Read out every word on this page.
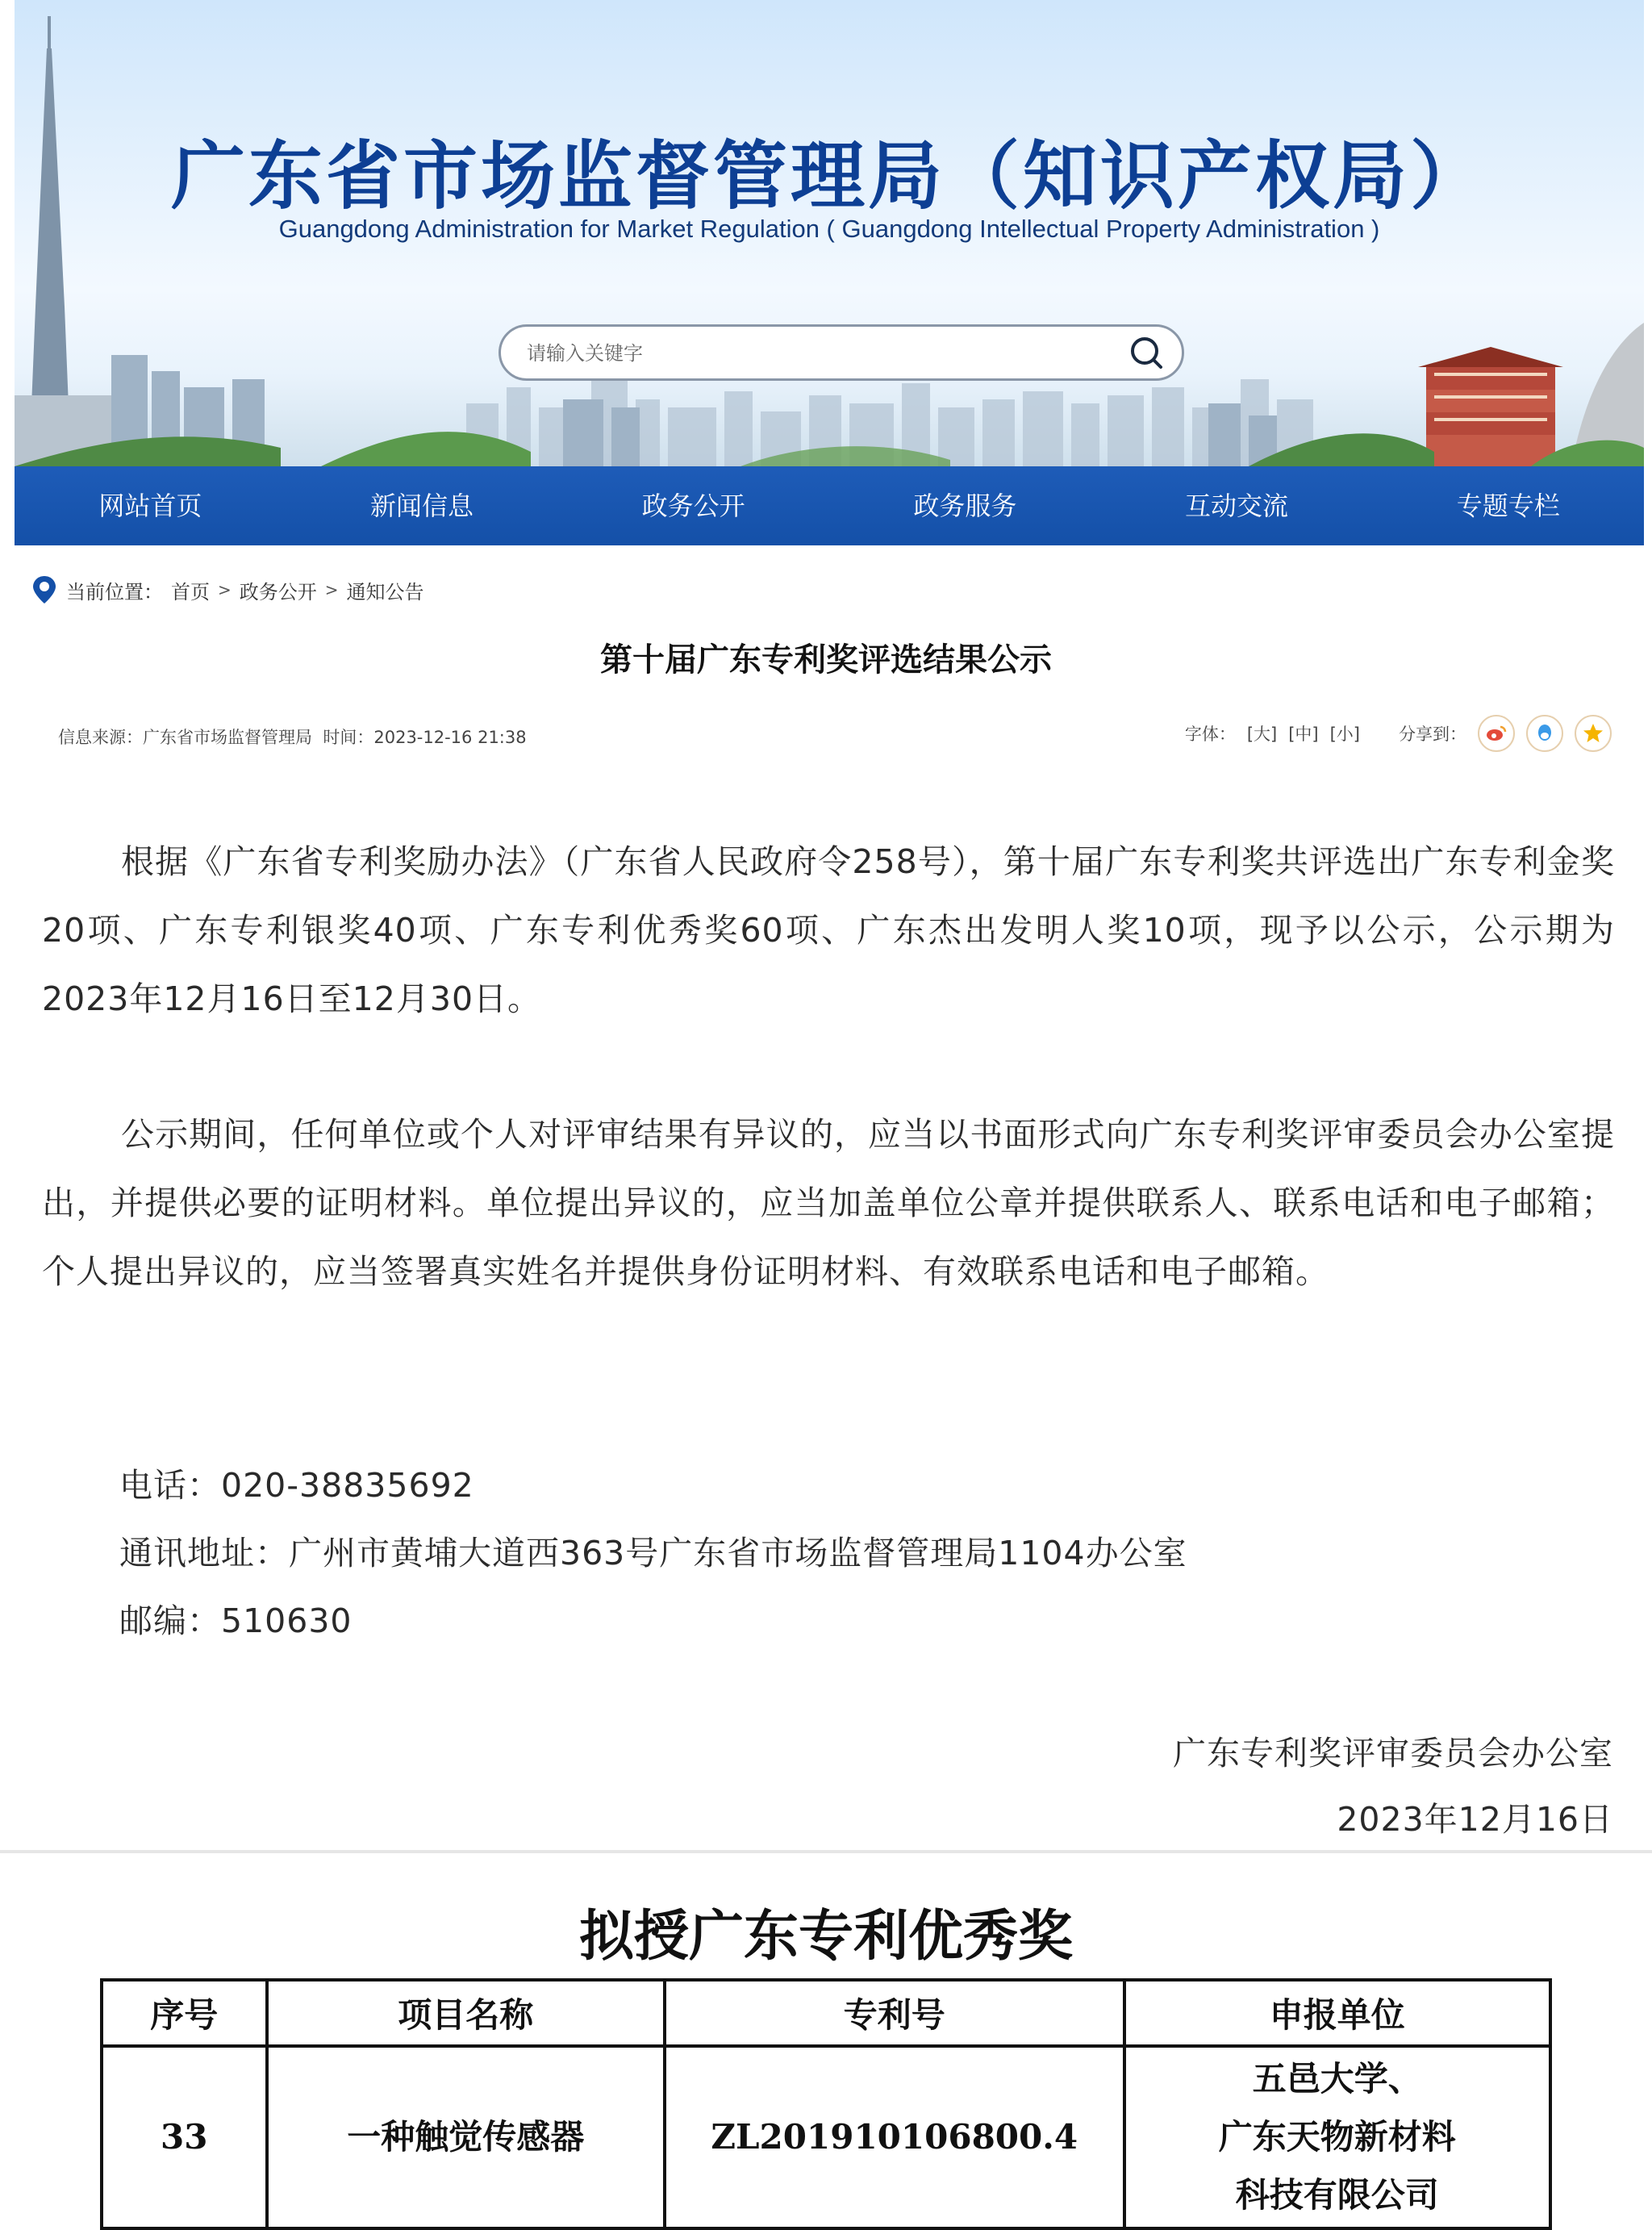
广东省市场监督管理局（知识产权局）
Guangdong Administration for Market Regulation ( Guangdong Intellectual Property Administration )
请输入关键字
网站首页	新闻信息	政务公开	政务服务	互动交流	专题专栏
当前位置： 首页 > 政务公开 > 通知公告
第十届广东专利奖评选结果公示
信息来源：广东省市场监督管理局 时间：2023-12-16 21:38	字体： [大] [中] [小] 分享到：
根据《广东省专利奖励办法》（广东省人民政府令258号），第十届广东专利奖共评选出广东专利金奖20项、广东专利银奖40项、广东专利优秀奖60项、广东杰出发明人奖10项，现予以公示，公示期为2023年12月16日至12月30日。
公示期间，任何单位或个人对评审结果有异议的，应当以书面形式向广东专利奖评审委员会办公室提出，并提供必要的证明材料。单位提出异议的，应当加盖单位公章并提供联系人、联系电话和电子邮箱；个人提出异议的，应当签署真实姓名并提供身份证明材料、有效联系电话和电子邮箱。
电话：020-38835692
通讯地址：广州市黄埔大道西363号广东省市场监督管理局1104办公室
邮编：510630
广东专利奖评审委员会办公室
2023年12月16日
拟授广东专利优秀奖
序号	项目名称	专利号	申报单位
33	一种触觉传感器	ZL201910106800.4	五邑大学、
广东天物新材料
科技有限公司
